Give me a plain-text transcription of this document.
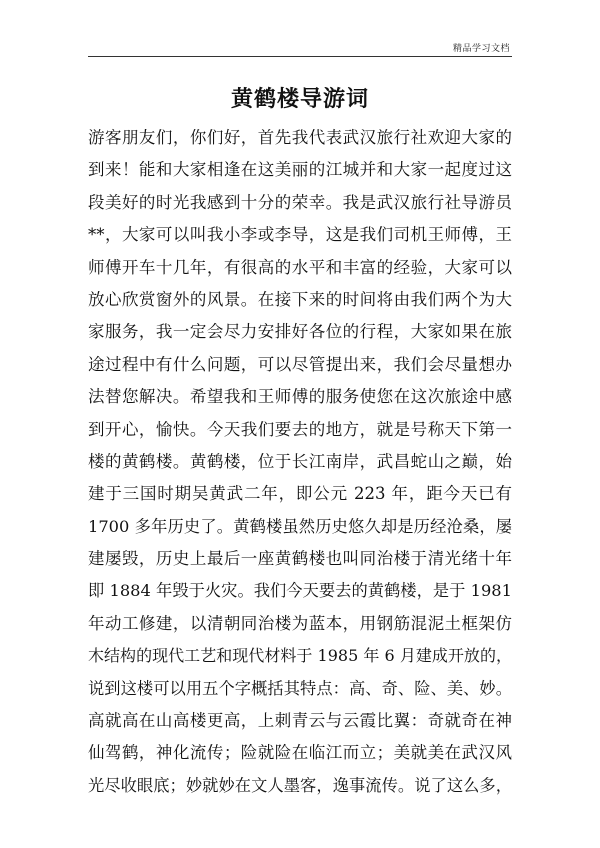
精品学习文档
黄鹤楼导游词
游客朋友们，你们好，首先我代表武汉旅行社欢迎大家的
到来！能和大家相逢在这美丽的江城并和大家一起度过这
段美好的时光我感到十分的荣幸。我是武汉旅行社导游员
**，大家可以叫我小李或李导，这是我们司机王师傅，王
师傅开车十几年，有很高的水平和丰富的经验，大家可以
放心欣赏窗外的风景。在接下来的时间将由我们两个为大
家服务，我一定会尽力安排好各位的行程，大家如果在旅
途过程中有什么问题，可以尽管提出来，我们会尽量想办
法替您解决。希望我和王师傅的服务使您在这次旅途中感
到开心，愉快。今天我们要去的地方，就是号称天下第一
楼的黄鹤楼。黄鹤楼，位于长江南岸，武昌蛇山之巅，始
建于三国时期吴黄武二年，即公元 223 年，距今天已有
1700 多年历史了。黄鹤楼虽然历史悠久却是历经沧桑，屡
建屡毁，历史上最后一座黄鹤楼也叫同治楼于清光绪十年
即 1884 年毁于火灾。我们今天要去的黄鹤楼，是于 1981
年动工修建，以清朝同治楼为蓝本，用钢筋混泥土框架仿
木结构的现代工艺和现代材料于 1985 年 6 月建成开放的，
说到这楼可以用五个字概括其特点：高、奇、险、美、妙。
高就高在山高楼更高，上刺青云与云霞比翼：奇就奇在神
仙驾鹤，神化流传；险就险在临江而立；美就美在武汉风
光尽收眼底；妙就妙在文人墨客，逸事流传。说了这么多，
